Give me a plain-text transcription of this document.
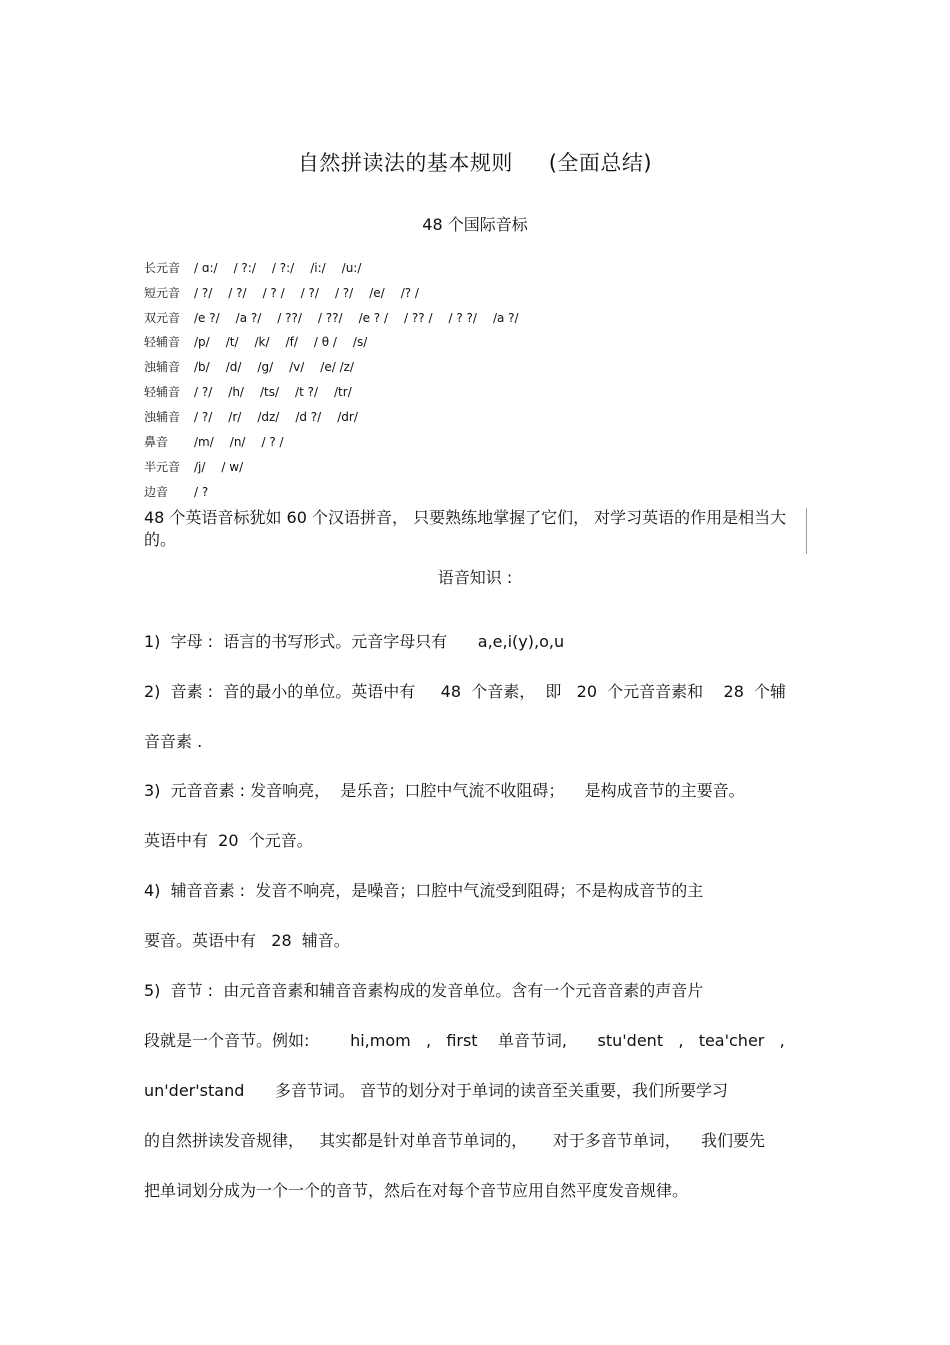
自然拼读法的基本规则     (全面总结)
48 个国际音标
长元音 / ɑ:/ / ?:/ / ?:/ /i:/ /u:/
短元音 / ?/ / ?/ / ? / / ?/ / ?/ /e/ /? /
双元音 /e ?/ /a ?/ / ??/ / ??/ /e ? / / ?? / / ? ?/ /a ?/
轻辅音 /p/ /t/ /k/ /f/ / θ / /s/
浊辅音 /b/ /d/ /g/ /v/ /e/ /z/
轻辅音 / ?/ /h/ /ts/ /t ?/ /tr/
浊辅音 / ?/ /r/ /dz/ /d ?/ /dr/
鼻音 /m/ /n/ / ? /
半元音 /j/ / w/
边音 / ?
48 个英语音标犹如 60 个汉语拼音， 只要熟练地掌握了它们， 对学习英语的作用是相当大的。
语音知识 :
1)  字母 :  语言的书写形式。元音字母只有      a,e,i(y),o,u
2)  音素 :  音的最小的单位。英语中有     48  个音素，  即   20  个元音音素和    28  个辅
音音素 .
3)  元音音素 : 发音响亮，  是乐音；口腔中气流不收阻碍；    是构成音节的主要音。
英语中有  20  个元音。
4)  辅音音素 :  发音不响亮，是噪音；口腔中气流受到阻碍；不是构成音节的主
要音。英语中有   28  辅音。
5)  音节 :  由元音音素和辅音音素构成的发音单位。含有一个元音音素的声音片
段就是一个音节。例如:        hi,mom   ,   first    单音节词,      stu'dent   ,   tea'cher   ,
un'der'stand      多音节词。 音节的划分对于单词的读音至关重要，我们所要学习
的自然拼读发音规律，   其实都是针对单音节单词的，     对于多音节单词，    我们要先
把单词划分成为一个一个的音节，然后在对每个音节应用自然平度发音规律。
